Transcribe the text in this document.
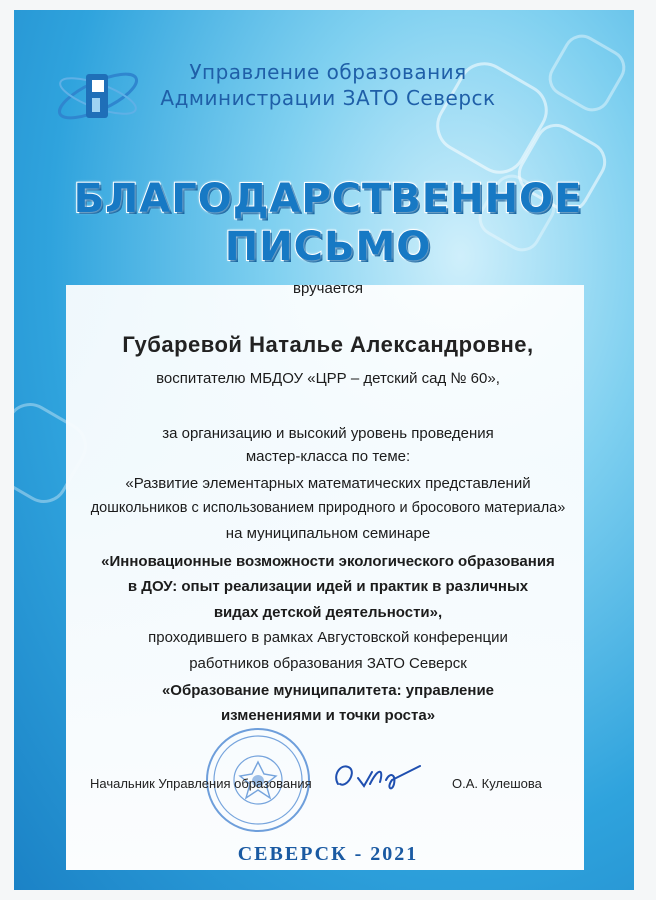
Управление образования
Администрации ЗАТО Северск
БЛАГОДАРСТВЕННОЕ
ПИСЬМО
вручается
Губаревой Наталье Александровне,
воспитателю МБДОУ «ЦРР – детский сад № 60»,
за организацию и высокий уровень проведения
мастер-класса по теме:
«Развитие элементарных математических представлений
дошкольников с использованием природного и бросового материала»
на муниципальном семинаре
«Инновационные возможности экологического образования
в ДОУ: опыт реализации идей и практик в различных
видах детской деятельности»,
проходившего в рамках Августовской конференции
работников образования ЗАТО Северск
«Образование муниципалитета: управление
изменениями и точки роста»
Начальник Управления образования	О.А. Кулешова
СЕВЕРСК - 2021
